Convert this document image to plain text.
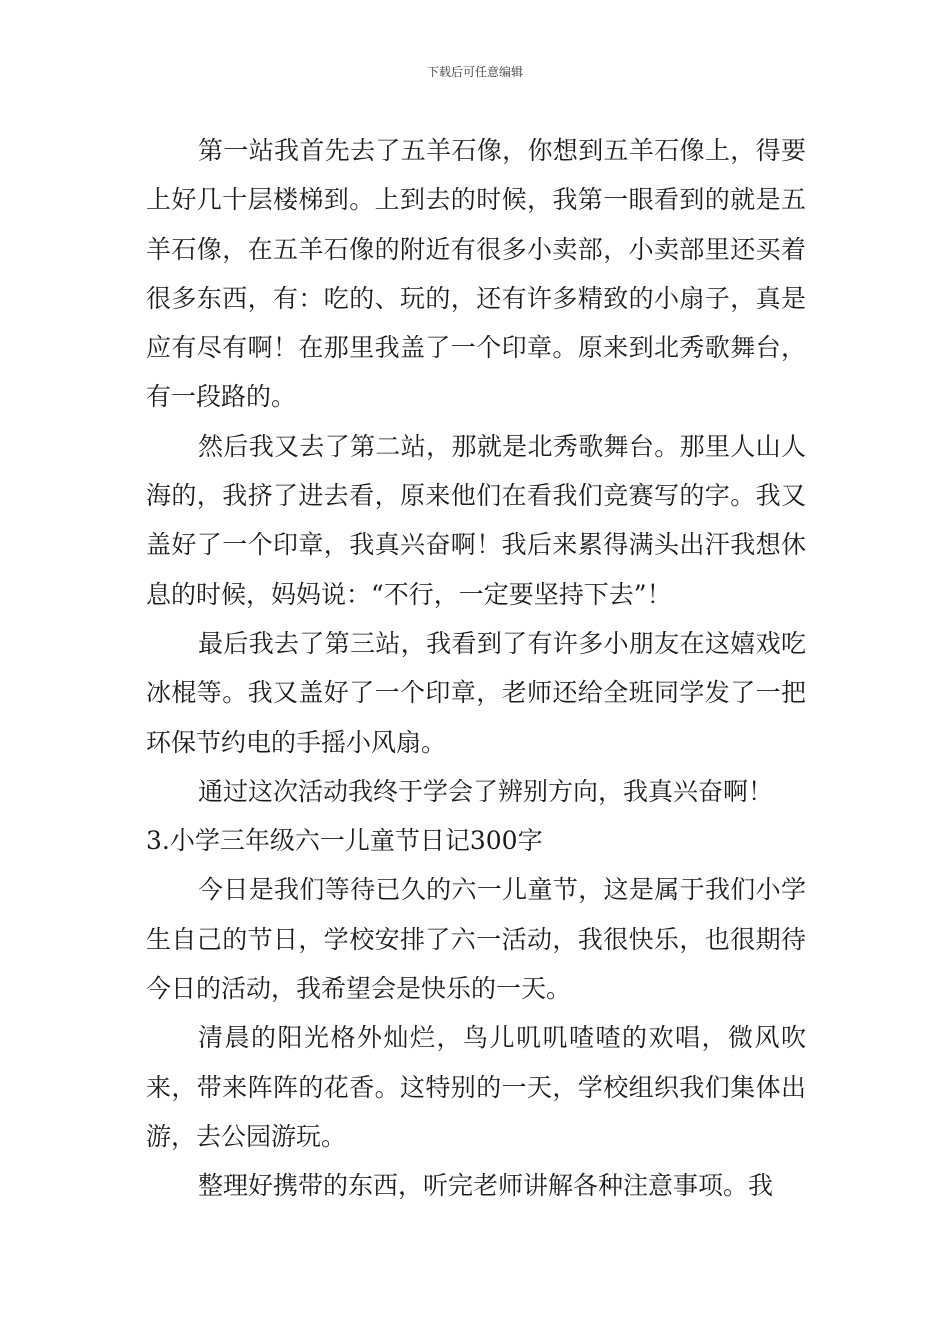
下载后可任意编辑

第一站我首先去了五羊石像，你想到五羊石像上，得要上好几十层楼梯到。上到去的时候，我第一眼看到的就是五羊石像，在五羊石像的附近有很多小卖部，小卖部里还买着很多东西，有：吃的、玩的，还有许多精致的小扇子，真是应有尽有啊！在那里我盖了一个印章。原来到北秀歌舞台，有一段路的。

然后我又去了第二站，那就是北秀歌舞台。那里人山人海的，我挤了进去看，原来他们在看我们竞赛写的字。我又盖好了一个印章，我真兴奋啊！我后来累得满头出汗我想休息的时候，妈妈说：“不行，一定要坚持下去”！

最后我去了第三站，我看到了有许多小朋友在这嬉戏吃冰棍等。我又盖好了一个印章，老师还给全班同学发了一把环保节约电的手摇小风扇。

通过这次活动我终于学会了辨别方向，我真兴奋啊！

3.小学三年级六一儿童节日记300字

今日是我们等待已久的六一儿童节，这是属于我们小学生自己的节日，学校安排了六一活动，我很快乐，也很期待今日的活动，我希望会是快乐的一天。

清晨的阳光格外灿烂，鸟儿叽叽喳喳的欢唱，微风吹来，带来阵阵的花香。这特别的一天，学校组织我们集体出游，去公园游玩。

整理好携带的东西，听完老师讲解各种注意事项。我
